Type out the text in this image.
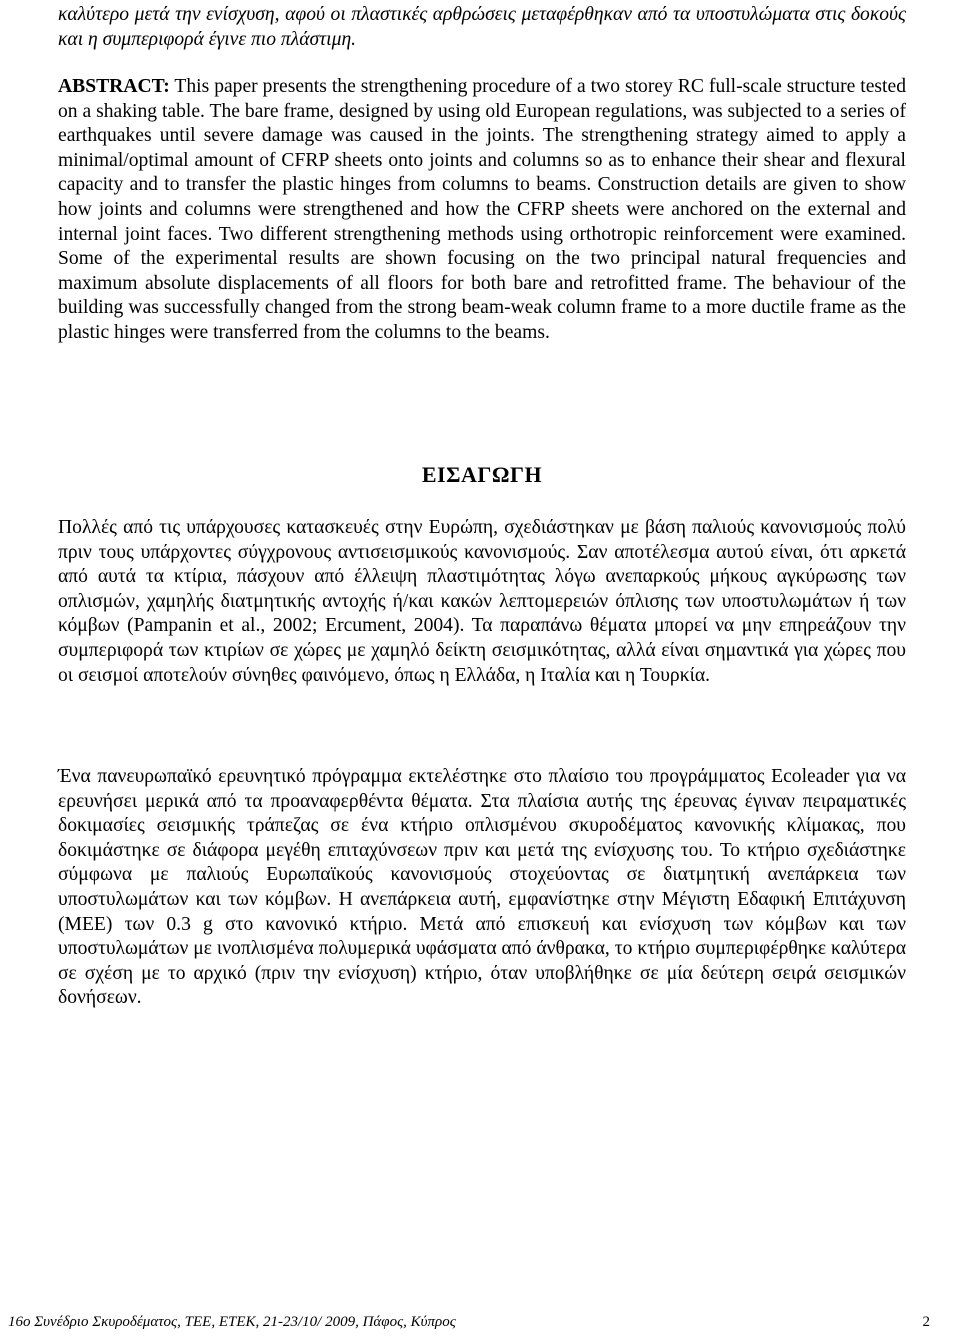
καλύτερο μετά την ενίσχυση, αφού οι πλαστικές αρθρώσεις μεταφέρθηκαν από τα υποστυλώματα στις δοκούς και η συμπεριφορά έγινε πιο πλάστιμη.

ABSTRACT: This paper presents the strengthening procedure of a two storey RC full-scale structure tested on a shaking table. The bare frame, designed by using old European regulations, was subjected to a series of earthquakes until severe damage was caused in the joints. The strengthening strategy aimed to apply a minimal/optimal amount of CFRP sheets onto joints and columns so as to enhance their shear and flexural capacity and to transfer the plastic hinges from columns to beams. Construction details are given to show how joints and columns were strengthened and how the CFRP sheets were anchored on the external and internal joint faces. Two different strengthening methods using orthotropic reinforcement were examined. Some of the experimental results are shown focusing on the two principal natural frequencies and maximum absolute displacements of all floors for both bare and retrofitted frame. The behaviour of the building was successfully changed from the strong beam-weak column frame to a more ductile frame as the plastic hinges were transferred from the columns to the beams.

ΕΙΣΑΓΩΓΗ

Πολλές από τις υπάρχουσες κατασκευές στην Ευρώπη, σχεδιάστηκαν με βάση παλιούς κανονισμούς πολύ πριν τους υπάρχοντες σύγχρονους αντισεισμικούς κανονισμούς. Σαν αποτέλεσμα αυτού είναι, ότι αρκετά από αυτά τα κτίρια, πάσχουν από έλλειψη πλαστιμότητας λόγω ανεπαρκούς μήκους αγκύρωσης των οπλισμών, χαμηλής διατμητικής αντοχής ή/και κακών λεπτομερειών όπλισης των υποστυλωμάτων ή των κόμβων (Pampanin et al., 2002; Ercument, 2004). Τα παραπάνω θέματα μπορεί να μην επηρεάζουν την συμπεριφορά των κτιρίων σε χώρες με χαμηλό δείκτη σεισμικότητας, αλλά είναι σημαντικά για χώρες που οι σεισμοί αποτελούν σύνηθες φαινόμενο, όπως η Ελλάδα, η Ιταλία και η Τουρκία.

Ένα πανευρωπαϊκό ερευνητικό πρόγραμμα εκτελέστηκε στο πλαίσιο του προγράμματος Ecoleader για να ερευνήσει μερικά από τα προαναφερθέντα θέματα. Στα πλαίσια αυτής της έρευνας έγιναν πειραματικές δοκιμασίες σεισμικής τράπεζας σε ένα κτήριο οπλισμένου σκυροδέματος κανονικής κλίμακας, που δοκιμάστηκε σε διάφορα μεγέθη επιταχύνσεων πριν και μετά της ενίσχυσης του. Το κτήριο σχεδιάστηκε σύμφωνα με παλιούς Ευρωπαϊκούς κανονισμούς στοχεύοντας σε διατμητική ανεπάρκεια των υποστυλωμάτων και των κόμβων. Η ανεπάρκεια αυτή, εμφανίστηκε στην Μέγιστη Εδαφική Επιτάχυνση (ΜΕΕ) των 0.3 g στο κανονικό κτήριο. Μετά από επισκευή και ενίσχυση των κόμβων και των υποστυλωμάτων με ινοπλισμένα πολυμερικά υφάσματα από άνθρακα, το κτήριο συμπεριφέρθηκε καλύτερα σε σχέση με το αρχικό (πριν την ενίσχυση) κτήριο, όταν υποβλήθηκε σε μία δεύτερη σειρά σεισμικών δονήσεων.

16ο Συνέδριο Σκυροδέματος, ΤΕΕ, ΕΤΕΚ, 21-23/10/ 2009, Πάφος, Κύπρος	2
